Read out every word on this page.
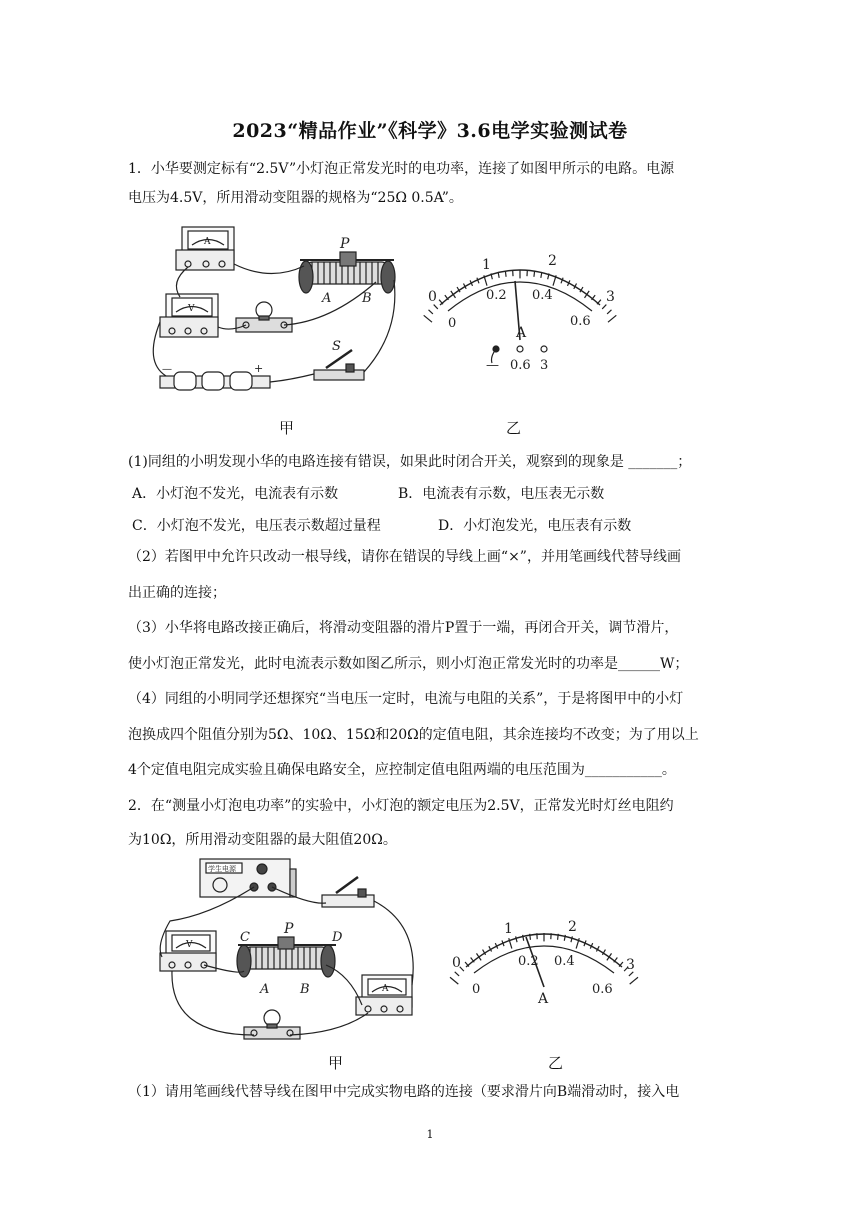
2023“精品作业”《科学》3.6电学实验测试卷
1．小华要测定标有“2.5V”小灯泡正常发光时的电功率，连接了如图甲所示的电路。电源
电压为4.5V，所用滑动变阻器的规格为“25Ω 0.5A”。
A
V
P
A B
S
—	+
甲
0
1	2
3
0
0.2 0.4
0.6
A
— 0.6 3
乙
(1)同组的小明发现小华的电路连接有错误，如果此时闭合开关，观察到的现象是 _______；
A．小灯泡不发光，电流表有示数	B．电流表有示数，电压表无示数
C．小灯泡不发光，电压表示数超过量程	D．小灯泡发光，电压表有示数
（2）若图甲中允许只改动一根导线，请你在错误的导线上画“×”，并用笔画线代替导线画
出正确的连接；
（3）小华将电路改接正确后，将滑动变阻器的滑片P置于一端，再闭合开关，调节滑片，
使小灯泡正常发光，此时电流表示数如图乙所示，则小灯泡正常发光时的功率是______W；
（4）同组的小明同学还想探究“当电压一定时，电流与电阻的关系”，于是将图甲中的小灯
泡换成四个阻值分别为5Ω、10Ω、15Ω和20Ω的定值电阻，其余连接均不改变；为了用以上
4个定值电阻完成实验且确保电路安全，应控制定值电阻两端的电压范围为___________。
2．在“测量小灯泡电功率”的实验中，小灯泡的额定电压为2.5V，正常发光时灯丝电阻约
为10Ω，所用滑动变阻器的最大阻值20Ω。
学生电源
V
P
C	D
A B	A
甲
0
1	2
3
0
0.2 0.4
0.6
A
乙
（1）请用笔画线代替导线在图甲中完成实物电路的连接（要求滑片向B端滑动时，接入电
1
